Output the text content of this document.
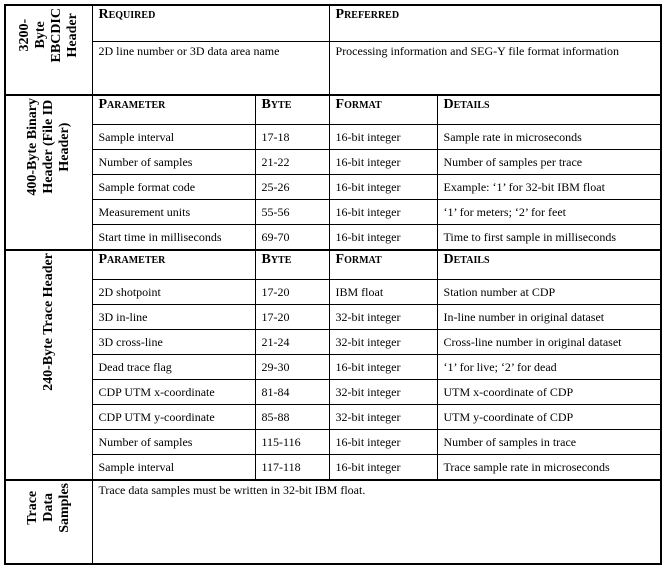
3200-
Byte
EBCDIC
Header	Required		Preferred	
	2D line number or 3D data area name		Processing information and SEG-Y file format information	
400-Byte Binary
Header (File ID
Header)	Parameter	Byte	Format	Details
	Sample interval	17-18	16-bit integer	Sample rate in microseconds
	Number of samples	21-22	16-bit integer	Number of samples per trace
	Sample format code	25-26	16-bit integer	Example: ‘1’ for 32-bit IBM float
	Measurement units	55-56	16-bit integer	‘1’ for meters; ‘2’ for feet
	Start time in milliseconds	69-70	16-bit integer	Time to first sample in milliseconds
240-Byte Trace Header	Parameter	Byte	Format	Details
	2D shotpoint	17-20	IBM float	Station number at CDP
	3D in-line	17-20	32-bit integer	In-line number in original dataset
	3D cross-line	21-24	32-bit integer	Cross-line number in original dataset
	Dead trace flag	29-30	16-bit integer	‘1’ for live; ‘2’ for dead
	CDP UTM x-coordinate	81-84	32-bit integer	UTM x-coordinate of CDP
	CDP UTM y-coordinate	85-88	32-bit integer	UTM y-coordinate of CDP
	Number of samples	115-116	16-bit integer	Number of samples in trace
	Sample interval	117-118	16-bit integer	Trace sample rate in microseconds
Trace
Data
Samples	Trace data samples must be written in 32-bit IBM float.			
